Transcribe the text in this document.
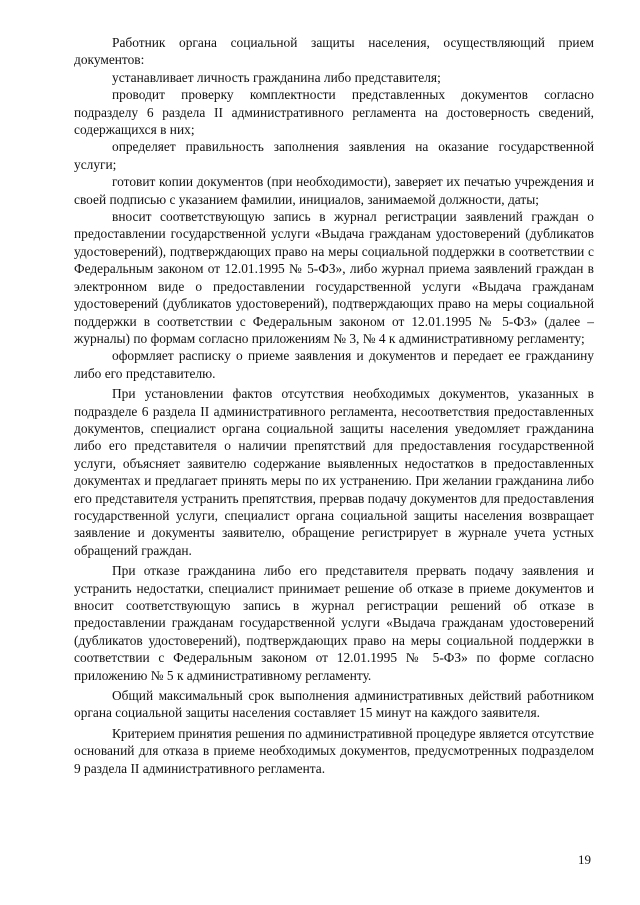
Работник органа социальной защиты населения, осуществляющий прием документов:

устанавливает личность гражданина либо представителя;

проводит проверку комплектности представленных документов согласно подразделу 6 раздела II административного регламента на достоверность сведений, содержащихся в них;

определяет правильность заполнения заявления на оказание государственной услуги;

готовит копии документов (при необходимости), заверяет их печатью учреждения и своей подписью с указанием фамилии, инициалов, занимаемой должности, даты;

вносит соответствующую запись в журнал регистрации заявлений граждан о предоставлении государственной услуги «Выдача гражданам удостоверений (дубликатов удостоверений), подтверждающих право на меры социальной поддержки в соответствии с Федеральным законом от 12.01.1995 № 5-ФЗ», либо журнал приема заявлений граждан в электронном виде о предоставлении государственной услуги «Выдача гражданам удостоверений (дубликатов удостоверений), подтверждающих право на меры социальной поддержки в соответствии с Федеральным законом от 12.01.1995 № 5-ФЗ» (далее – журналы) по формам согласно приложениям № 3, № 4 к административному регламенту;

оформляет расписку о приеме заявления и документов и передает ее гражданину либо его представителю.

При установлении фактов отсутствия необходимых документов, указанных в подразделе 6 раздела II административного регламента, несоответствия предоставленных документов, специалист органа социальной защиты населения уведомляет гражданина либо его представителя о наличии препятствий для предоставления государственной услуги, объясняет заявителю содержание выявленных недостатков в предоставленных документах и предлагает принять меры по их устранению. При желании гражданина либо его представителя устранить препятствия, прервав подачу документов для предоставления государственной услуги, специалист органа социальной защиты населения возвращает заявление и документы заявителю, обращение регистрирует в журнале учета устных обращений граждан.

При отказе гражданина либо его представителя прервать подачу заявления и устранить недостатки, специалист принимает решение об отказе в приеме документов и вносит соответствующую запись в журнал регистрации решений об отказе в предоставлении гражданам государственной услуги «Выдача гражданам удостоверений (дубликатов удостоверений), подтверждающих право на меры социальной поддержки в соответствии с Федеральным законом от 12.01.1995 № 5-ФЗ» по форме согласно приложению № 5 к административному регламенту.

Общий максимальный срок выполнения административных действий работником органа социальной защиты населения составляет 15 минут на каждого заявителя.

Критерием принятия решения по административной процедуре является отсутствие оснований для отказа в приеме необходимых документов, предусмотренных подразделом 9 раздела II административного регламента.

19
